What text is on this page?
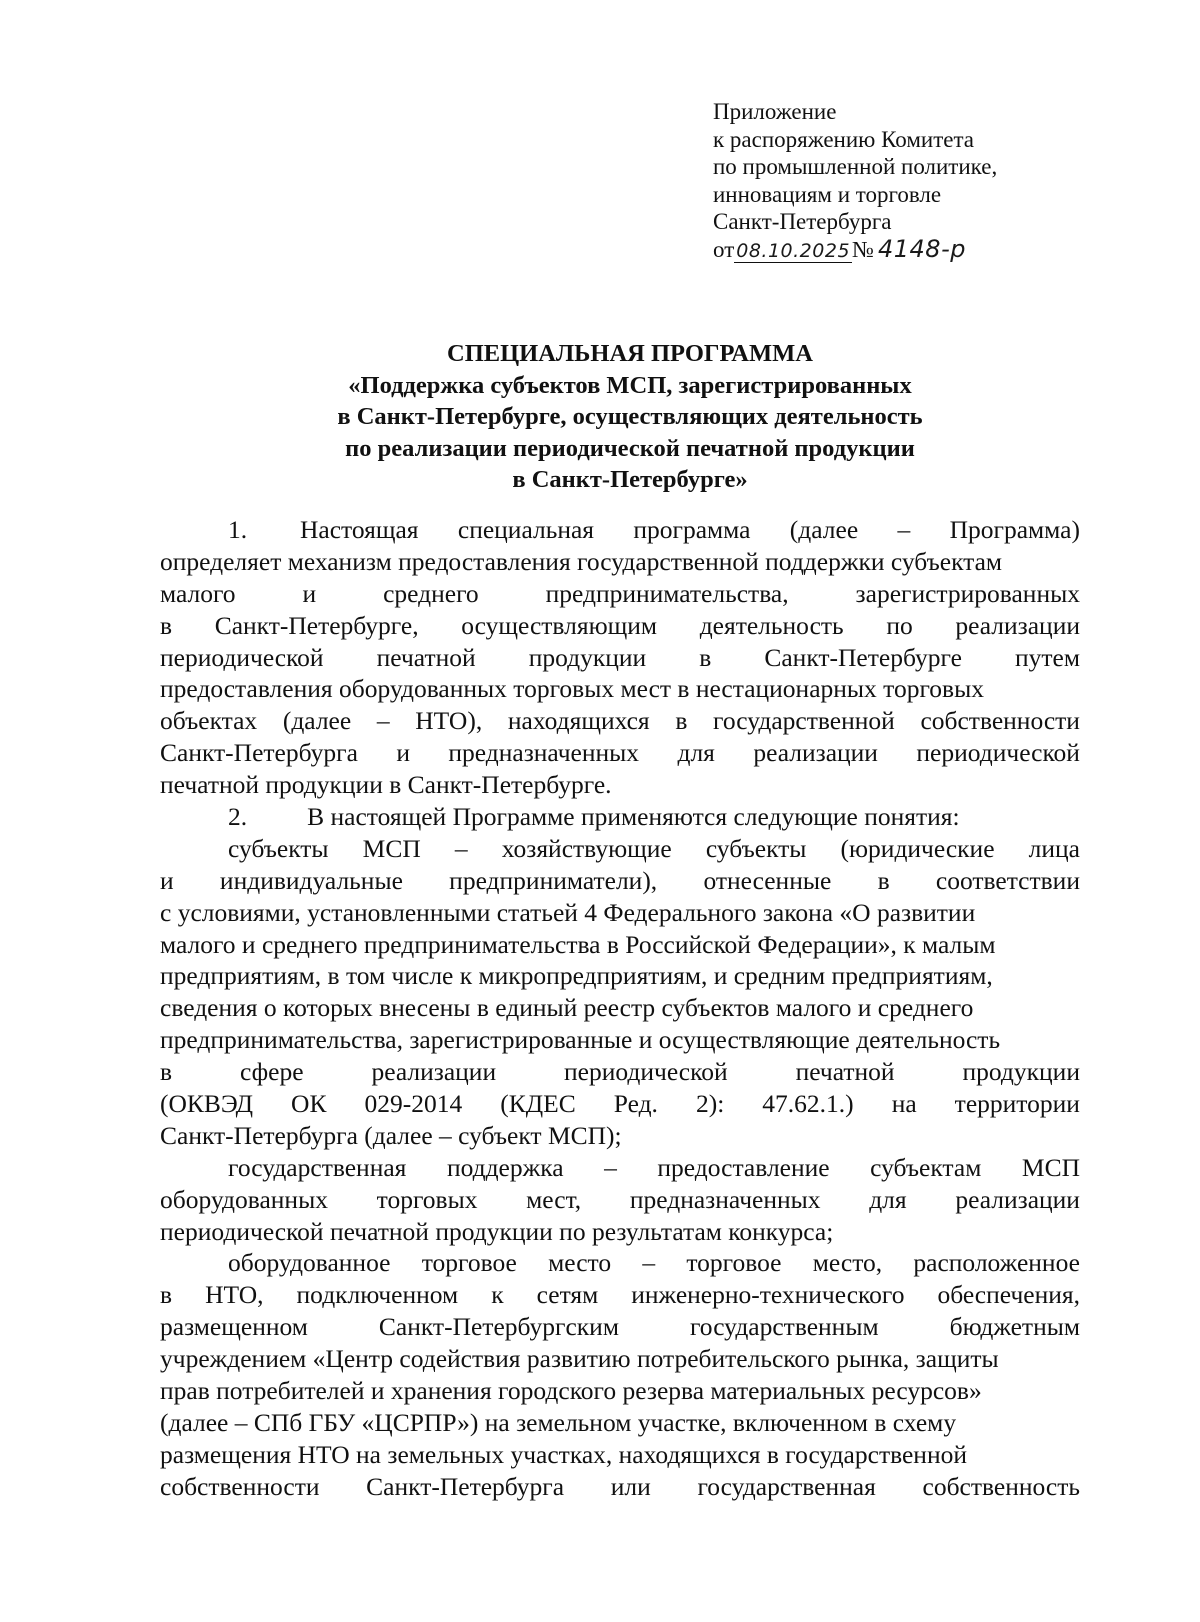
Приложение
к распоряжению Комитета
по промышленной политике,
инновациям и торговле
Санкт-Петербурга
от 08.10.2025№ 4148-р
СПЕЦИАЛЬНАЯ ПРОГРАММА
«Поддержка субъектов МСП, зарегистрированных
в Санкт-Петербурге, осуществляющих деятельность
по реализации периодической печатной продукции
в Санкт-Петербурге»
1.	Настоящая специальная программа (далее – Программа)
определяет механизм предоставления государственной поддержки субъектам
малого	и	среднего	предпринимательства,	зарегистрированных
в Санкт-Петербурге, осуществляющим деятельность по реализации
периодической печатной продукции в Санкт-Петербурге путем
предоставления оборудованных торговых мест в нестационарных торговых
объектах (далее – НТО), находящихся в государственной собственности
Санкт-Петербурга и предназначенных для реализации периодической
печатной продукции в Санкт-Петербурге.
2.	В настоящей Программе применяются следующие понятия:
субъекты МСП – хозяйствующие субъекты (юридические лица
и индивидуальные предприниматели), отнесенные в соответствии
с условиями, установленными статьей 4 Федерального закона «О развитии
малого и среднего предпринимательства в Российской Федерации», к малым
предприятиям, в том числе к микропредприятиям, и средним предприятиям,
сведения о которых внесены в единый реестр субъектов малого и среднего
предпринимательства, зарегистрированные и осуществляющие деятельность
в	сфере	реализации	периодической	печатной	продукции
(ОКВЭД ОК 029-2014 (КДЕС Ред. 2): 47.62.1.) на территории
Санкт-Петербурга (далее – субъект МСП);
государственная поддержка – предоставление субъектам МСП
оборудованных торговых мест, предназначенных для реализации
периодической печатной продукции по результатам конкурса;
оборудованное торговое место – торговое место, расположенное
в НТО, подключенном к сетям инженерно-технического обеспечения,
размещенном	Санкт-Петербургским	государственным	бюджетным
учреждением «Центр содействия развитию потребительского рынка, защиты
прав потребителей и хранения городского резерва материальных ресурсов»
(далее – СПб ГБУ «ЦСРПР») на земельном участке, включенном в схему
размещения НТО на земельных участках, находящихся в государственной
собственности Санкт-Петербурга или государственная собственность
